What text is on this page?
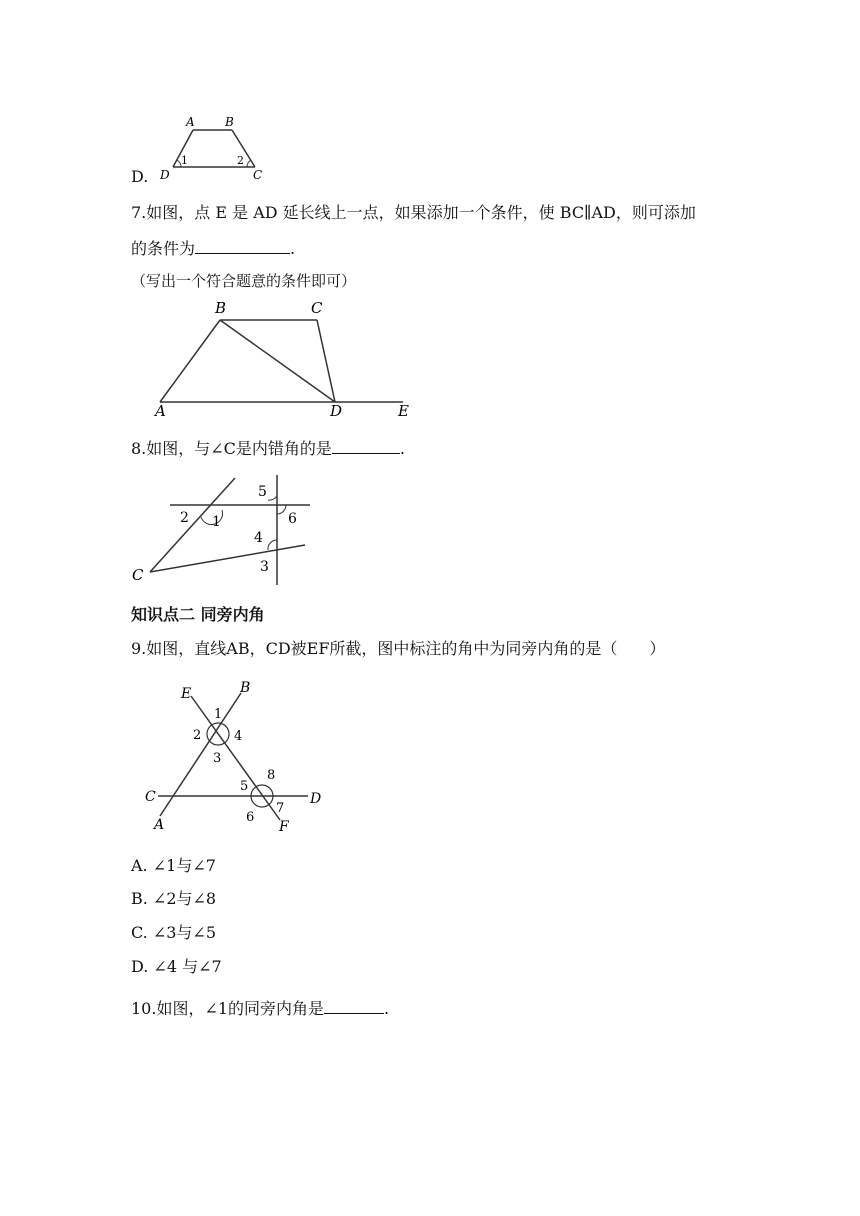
A	B
D	C
1	2
D.
7.如图，点 E 是 AD 延长线上一点，如果添加一个条件，使 BC∥AD，则可添加
的条件为	.
（写出一个符合题意的条件即可）
B	C
A	D	E
8.如图，与∠C是内错角的是	.
2 1
5
6
4
3
C
知识点二 同旁内角
9.如图，直线AB，CD被EF所截，图中标注的角中为同旁内角的是（　　）
E	B
C	D
A	F
1
2	4
3
5
8
7
6
A. ∠1与∠7
B. ∠2与∠8
C. ∠3与∠5
D. ∠4 与∠7
10.如图，∠1的同旁内角是	.
